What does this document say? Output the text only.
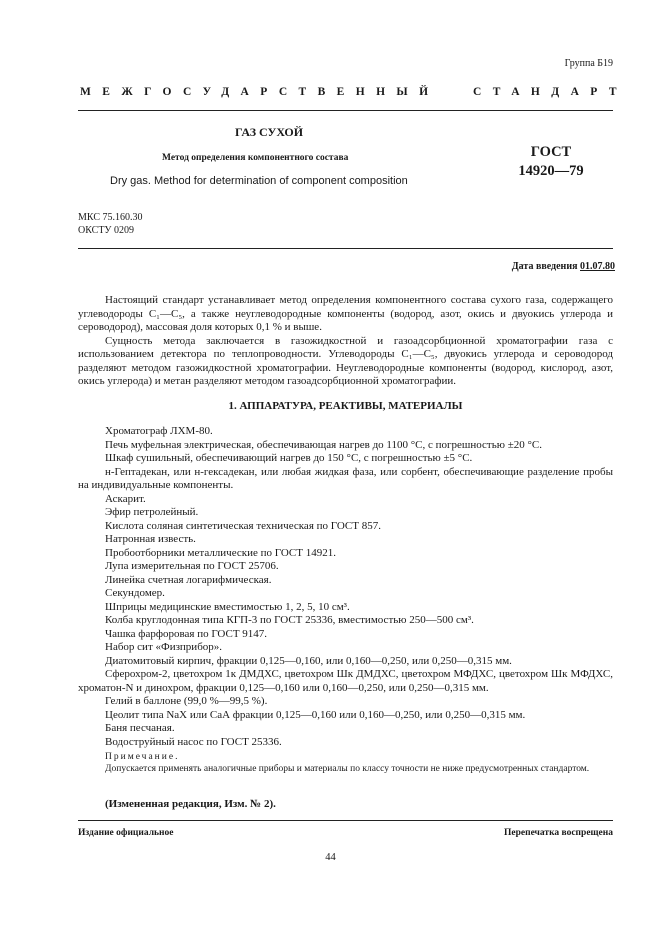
Группа Б19
МЕЖГОСУДАРСТВЕННЫЙ	СТАНДАРТ
ГАЗ СУХОЙ
Метод определения компонентного состава
Dry gas. Method for determination of component composition
ГОСТ
14920—79
МКС 75.160.30
ОКСТУ 0209
Дата введения 01.07.80

Настоящий стандарт устанавливает метод определения компонентного состава сухого газа, содержащего углеводороды С₁—С₅, а также неуглеводородные компоненты (водород, азот, окись и двуокись углерода и сероводород), массовая доля которых 0,1 % и выше.

Сущность метода заключается в газожидкостной и газоадсорбционной хроматографии газа с использованием детектора по теплопроводности. Углеводороды С₁—С₅, двуокись углерода и сероводород разделяют методом газожидкостной хроматографии. Неуглеводородные компоненты (водород, кислород, азот, окись углерода) и метан разделяют методом газоадсорбционной хроматографии.

1. АППАРАТУРА, РЕАКТИВЫ, МАТЕРИАЛЫ

Хроматограф ЛХМ-80.

Печь муфельная электрическая, обеспечивающая нагрев до 1100 °С, с погрешностью ±20 °С.

Шкаф сушильный, обеспечивающий нагрев до 150 °С, с погрешностью ±5 °С.

н-Гептадекан, или н-гексадекан, или любая жидкая фаза, или сорбент, обеспечивающие разделение пробы на индивидуальные компоненты.

Аскарит.

Эфир петролейный.

Кислота соляная синтетическая техническая по ГОСТ 857.

Натронная известь.

Пробоотборники металлические по ГОСТ 14921.

Лупа измерительная по ГОСТ 25706.

Линейка счетная логарифмическая.

Секундомер.

Шприцы медицинские вместимостью 1, 2, 5, 10 см³.

Колба круглодонная типа КГП-3 по ГОСТ 25336, вместимостью 250—500 см³.

Чашка фарфоровая по ГОСТ 9147.

Набор сит «Физприбор».

Диатомитовый кирпич, фракции 0,125—0,160, или 0,160—0,250, или 0,250—0,315 мм.

Сферохром-2, цветохром 1к ДМДХС, цветохром Шк ДМДХС, цветохром МФДХС, цветохром Шк МФДХС, хроматон-N и динохром, фракции 0,125—0,160 или 0,160—0,250, или 0,250—0,315 мм.

Гелий в баллоне (99,0 %—99,5 %).

Цеолит типа NaX или СаА фракции 0,125—0,160 или 0,160—0,250, или 0,250—0,315 мм.

Баня песчаная.

Водоструйный насос по ГОСТ 25336.

Примечание.

Допускается применять аналогичные приборы и материалы по классу точности не ниже предусмотренных стандартом.

(Измененная редакция, Изм. № 2).
Издание официальное	Перепечатка воспрещена
44
